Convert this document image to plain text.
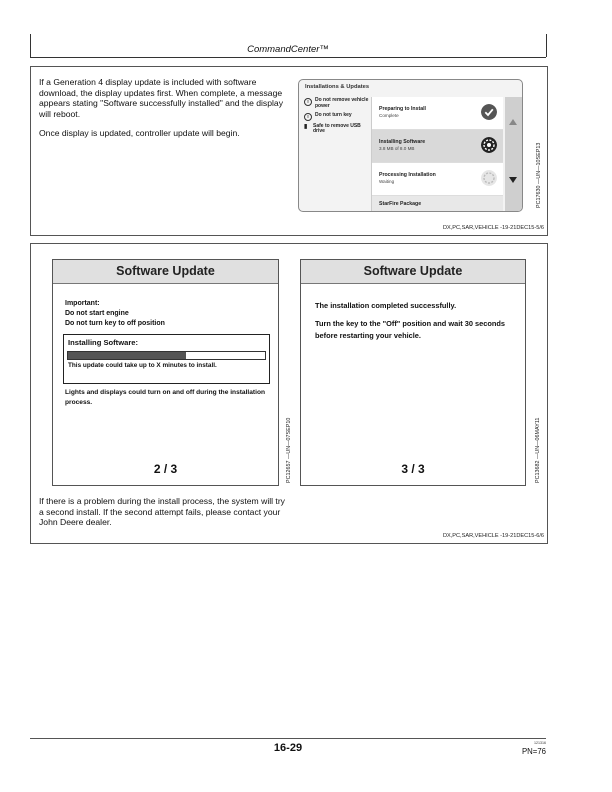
CommandCenter™
If a Generation 4 display update is included with software download, the display updates first. When complete, a message appears stating "Software successfully installed" and the display will reboot.
Once display is updated, controller update will begin.
Installations & Updates
!	Do not remove vehicle power
!	Do not turn key
▮	Safe to remove USB drive
Preparing to Install
Complete
Installing Software
3.8 MB of 8.0 MB
Processing Installation
Waiting
StarFire Package	PC17630 —UN—10SEP13
DX,PC,SAR,VEHICLE -19-21DEC15-5/6
Software Update
Important:
Do not start engine
Do not turn key to off position
Installing Software:
This update could take up to X minutes to install.
Lights and displays could turn on and off during the installation process.
2 / 3	PC12657 —UN—07SEP10
Software Update
The installation completed successfully.
Turn the key to the "Off" position and wait 30 seconds before restarting your vehicle.
3 / 3	PC13682 —UN—06MAY11
If there is a problem during the install process, the system will try a second install. If the second attempt fails, please contact your John Deere dealer.
DX,PC,SAR,VEHICLE -19-21DEC15-6/6
16-29	121316
PN=76
